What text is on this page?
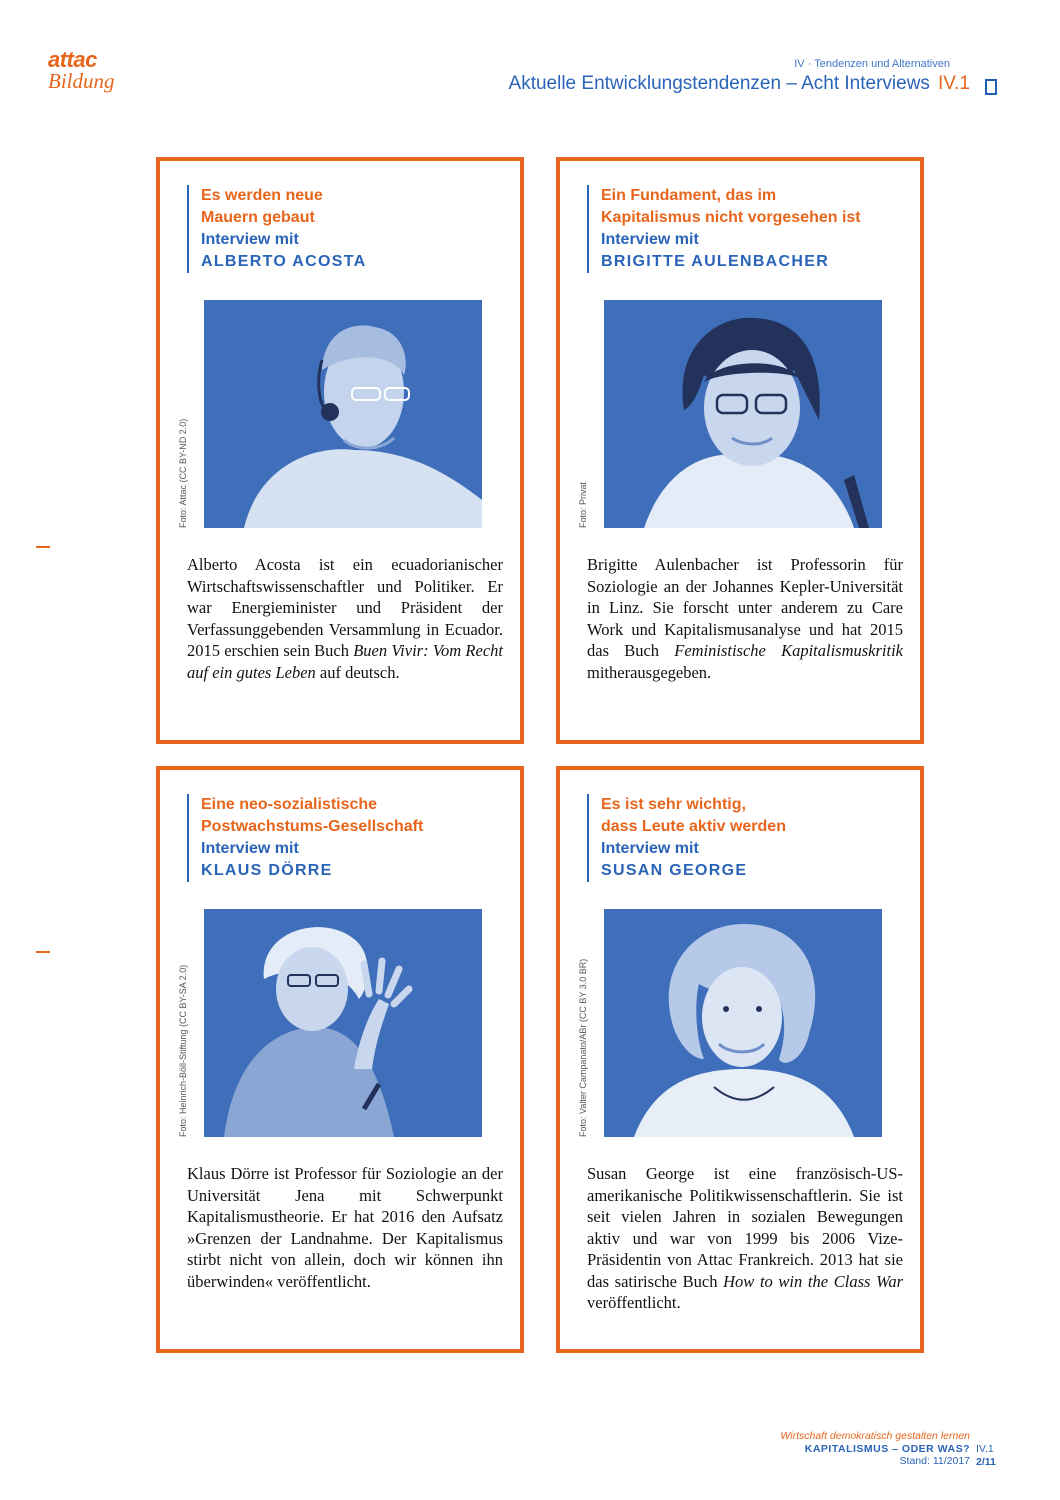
attac
Bildung
IV · Tendenzen und Alternativen
Aktuelle Entwicklungstendenzen – Acht Interviews IV.1
Es werden neue
Mauern gebaut
Interview mit
ALBERTO ACOSTA
Foto: Attac (CC BY-ND 2.0)
Alberto Acosta ist ein ecuadorianischer Wirtschaftswissenschaftler und Politiker. Er war Energieminister und Präsident der Verfassunggebenden Versammlung in Ecuador. 2015 erschien sein Buch Buen Vivir: Vom Recht auf ein gutes Leben auf deutsch.
Ein Fundament, das im
Kapitalismus nicht vorgesehen ist
Interview mit
BRIGITTE AULENBACHER
Foto: Privat
Brigitte Aulenbacher ist Professorin für Soziologie an der Johannes Kepler-Universität in Linz. Sie forscht unter anderem zu Care Work und Kapitalismusanalyse und hat 2015 das Buch Feministische Kapitalismuskritik mitherausgegeben.
Eine neo-sozialistische
Postwachstums-Gesellschaft
Interview mit
KLAUS DÖRRE
Foto: Heinrich-Böll-Stiftung (CC BY-SA 2.0)
Klaus Dörre ist Professor für Soziologie an der Universität Jena mit Schwerpunkt Kapitalismustheorie. Er hat 2016 den Aufsatz »Grenzen der Landnahme. Der Kapitalismus stirbt nicht von allein, doch wir können ihn überwinden« veröffentlicht.
Es ist sehr wichtig,
dass Leute aktiv werden
Interview mit
SUSAN GEORGE
Foto: Valter Campanato/ABr (CC BY 3.0 BR)
Susan George ist eine französisch-US-amerikanische Politikwissenschaftlerin. Sie ist seit vielen Jahren in sozialen Bewegungen aktiv und war von 1999 bis 2006 Vize-Präsidentin von Attac Frankreich. 2013 hat sie das satirische Buch How to win the Class War veröffentlicht.
Wirtschaft demokratisch gestalten lernen
KAPITALISMUS – ODER WAS?
Stand: 11/2017
IV.1
2/11
